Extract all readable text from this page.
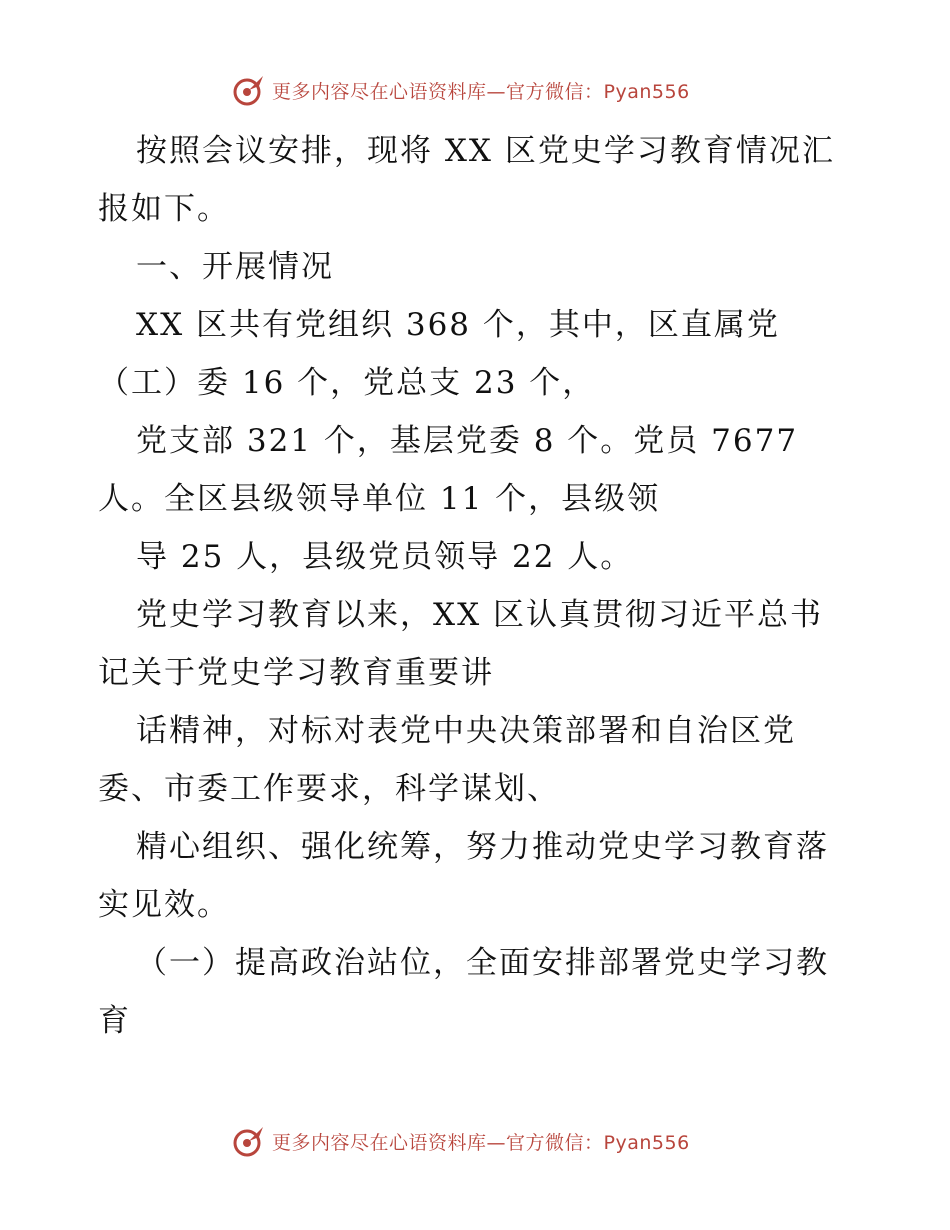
更多内容尽在心语资料库—官方微信：Pyan556
按照会议安排，现将 XX 区党史学习教育情况汇
报如下。
一、开展情况
XX 区共有党组织 368 个，其中，区直属党
（工）委 16 个，党总支 23 个，
党支部 321 个，基层党委 8 个。党员 7677
人。全区县级领导单位 11 个，县级领
导 25 人，县级党员领导 22 人。
党史学习教育以来，XX 区认真贯彻习近平总书
记关于党史学习教育重要讲
话精神，对标对表党中央决策部署和自治区党
委、市委工作要求，科学谋划、
精心组织、强化统筹，努力推动党史学习教育落
实见效。
（一）提高政治站位，全面安排部署党史学习教
育
更多内容尽在心语资料库—官方微信：Pyan556
